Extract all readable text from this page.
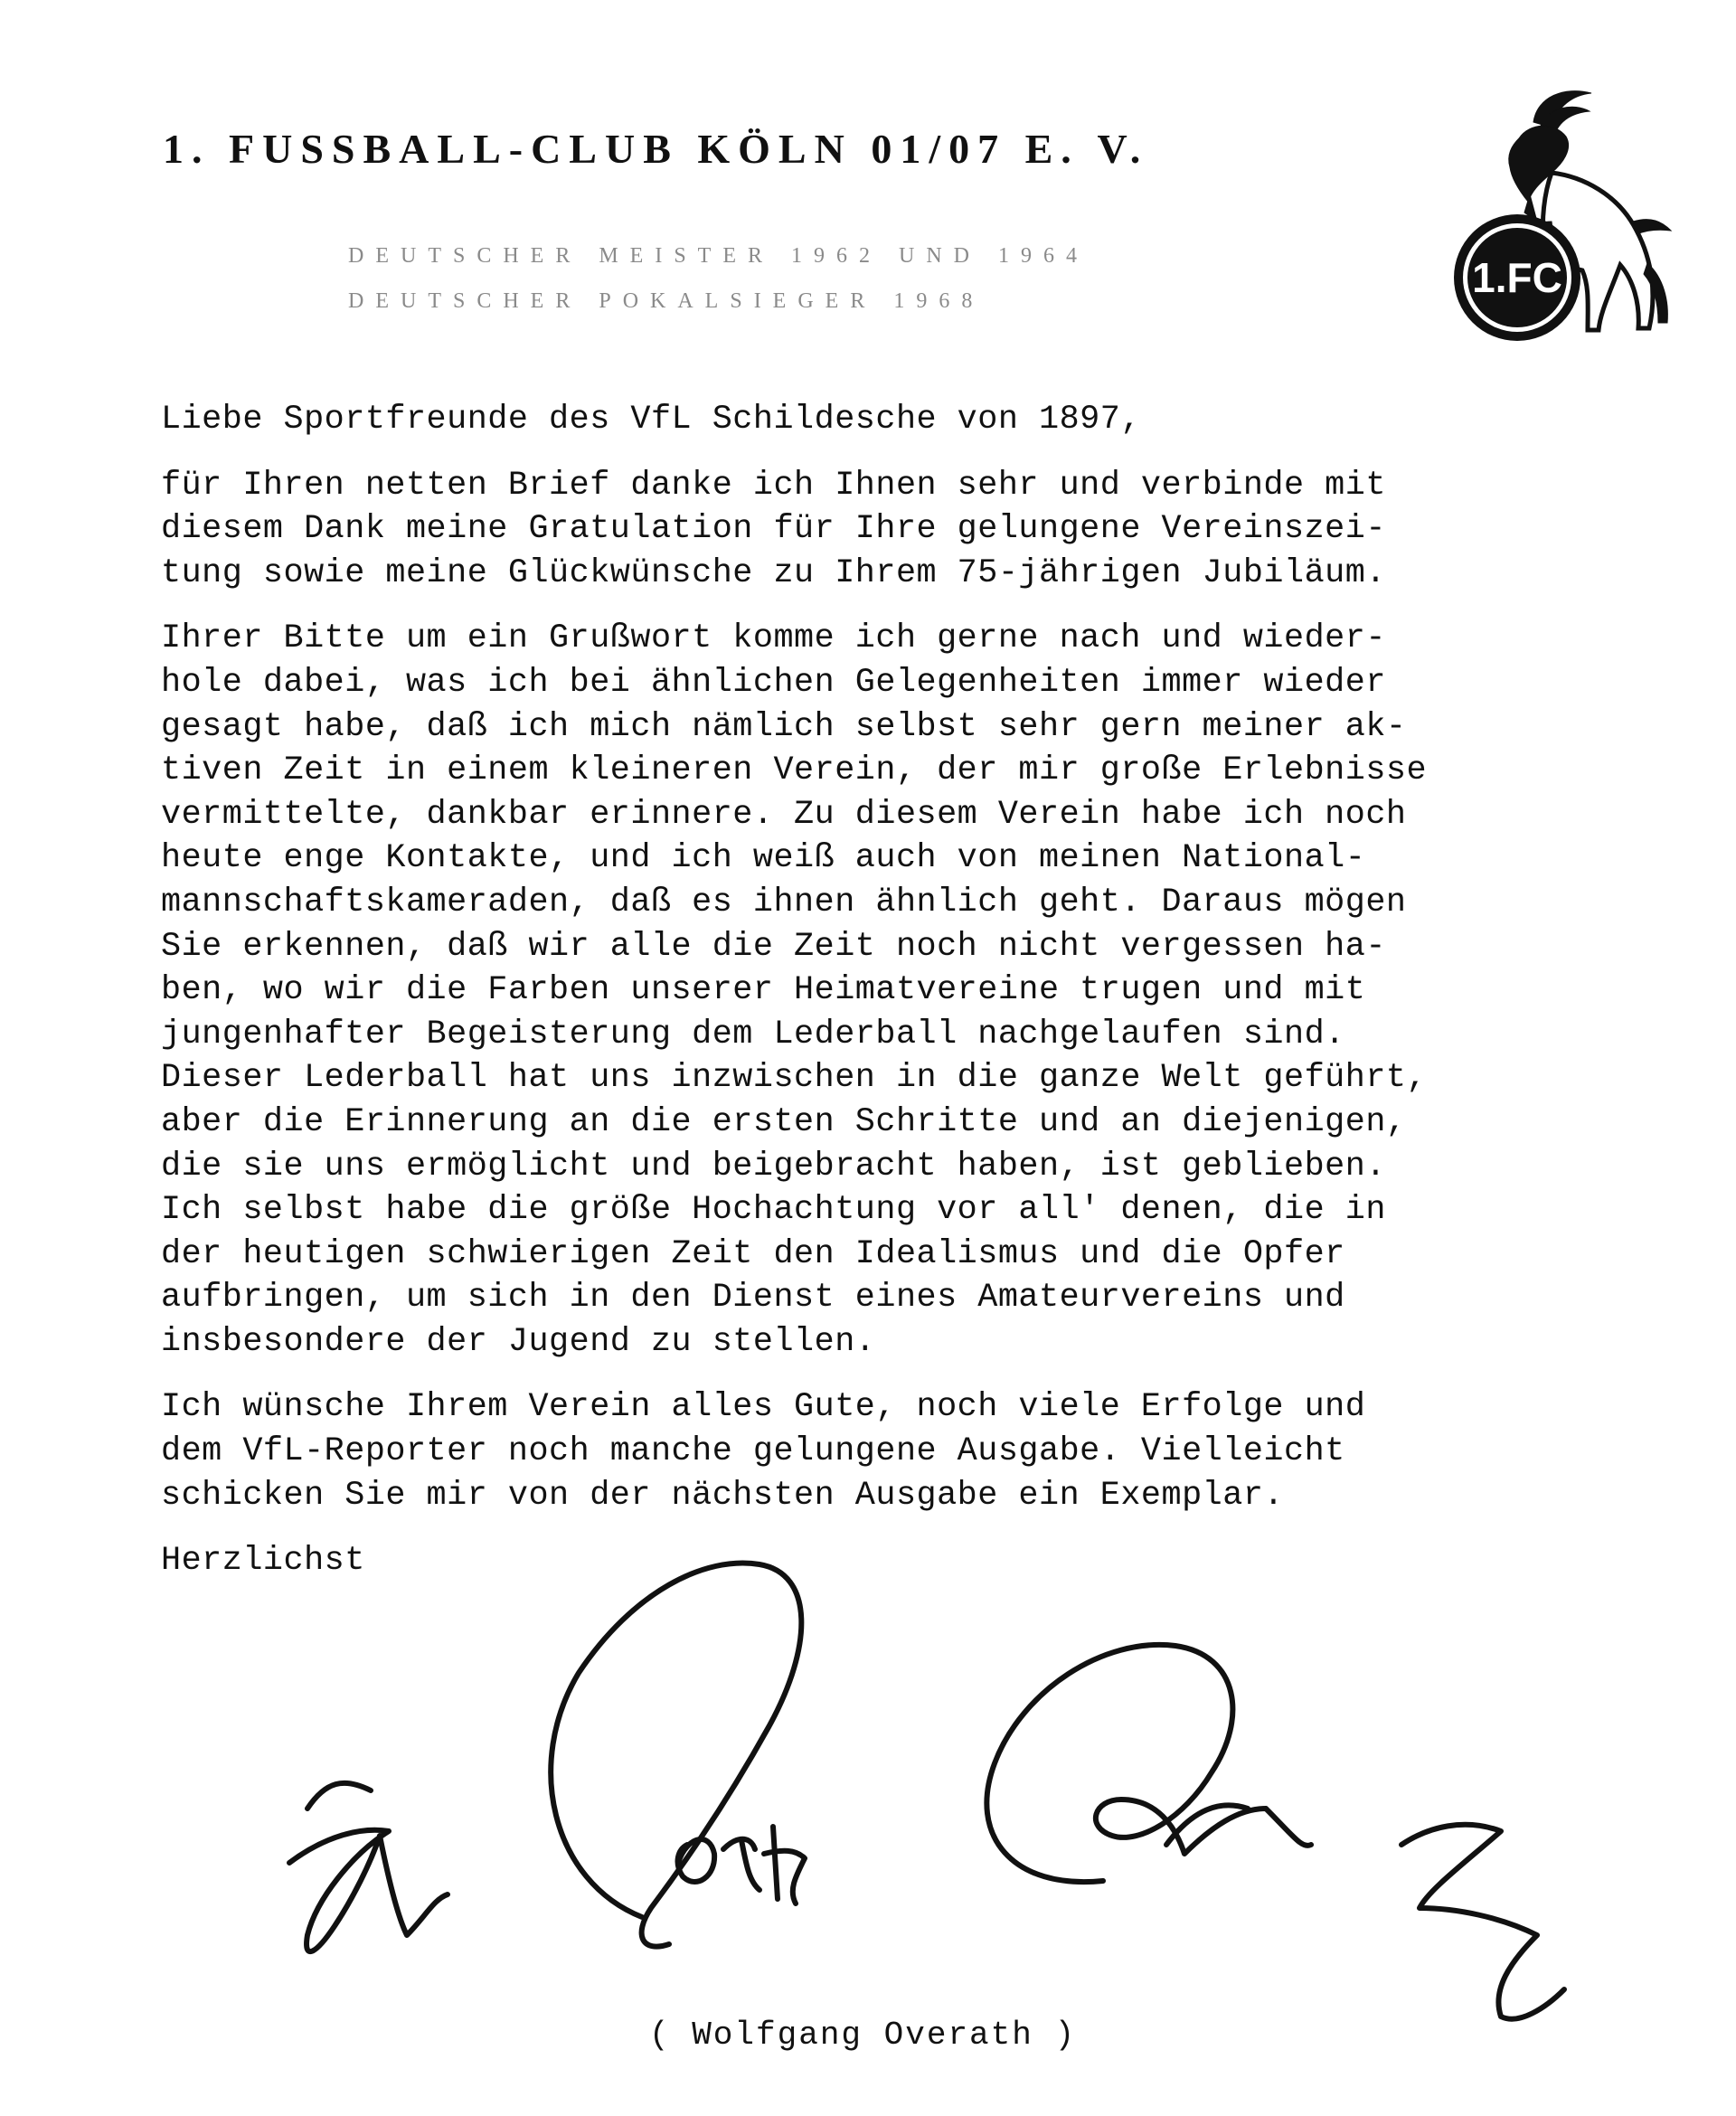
1. FUSSBALL-CLUB KÖLN 01/07 E. V.
DEUTSCHER MEISTER 1962 UND 1964
DEUTSCHER POKALSIEGER 1968	1.FC
Liebe Sportfreunde des VfL Schildesche von 1897,
für Ihren netten Brief danke ich Ihnen sehr und verbinde mit
diesem Dank meine Gratulation für Ihre gelungene Vereinszei-
tung sowie meine Glückwünsche zu Ihrem 75-jährigen Jubiläum.
Ihrer Bitte um ein Grußwort komme ich gerne nach und wieder-
hole dabei, was ich bei ähnlichen Gelegenheiten immer wieder
gesagt habe, daß ich mich nämlich selbst sehr gern meiner ak-
tiven Zeit in einem kleineren Verein, der mir große Erlebnisse
vermittelte, dankbar erinnere. Zu diesem Verein habe ich noch
heute enge Kontakte, und ich weiß auch von meinen National-
mannschaftskameraden, daß es ihnen ähnlich geht. Daraus mögen
Sie erkennen, daß wir alle die Zeit noch nicht vergessen ha-
ben, wo wir die Farben unserer Heimatvereine trugen und mit
jungenhafter Begeisterung dem Lederball nachgelaufen sind.
Dieser Lederball hat uns inzwischen in die ganze Welt geführt,
aber die Erinnerung an die ersten Schritte und an diejenigen,
die sie uns ermöglicht und beigebracht haben, ist geblieben.
Ich selbst habe die größe Hochachtung vor all' denen, die in
der heutigen schwierigen Zeit den Idealismus und die Opfer
aufbringen, um sich in den Dienst eines Amateurvereins und
insbesondere der Jugend zu stellen.
Ich wünsche Ihrem Verein alles Gute, noch viele Erfolge und
dem VfL-Reporter noch manche gelungene Ausgabe. Vielleicht
schicken Sie mir von der nächsten Ausgabe ein Exemplar.
Herzlichst
( Wolfgang Overath )
